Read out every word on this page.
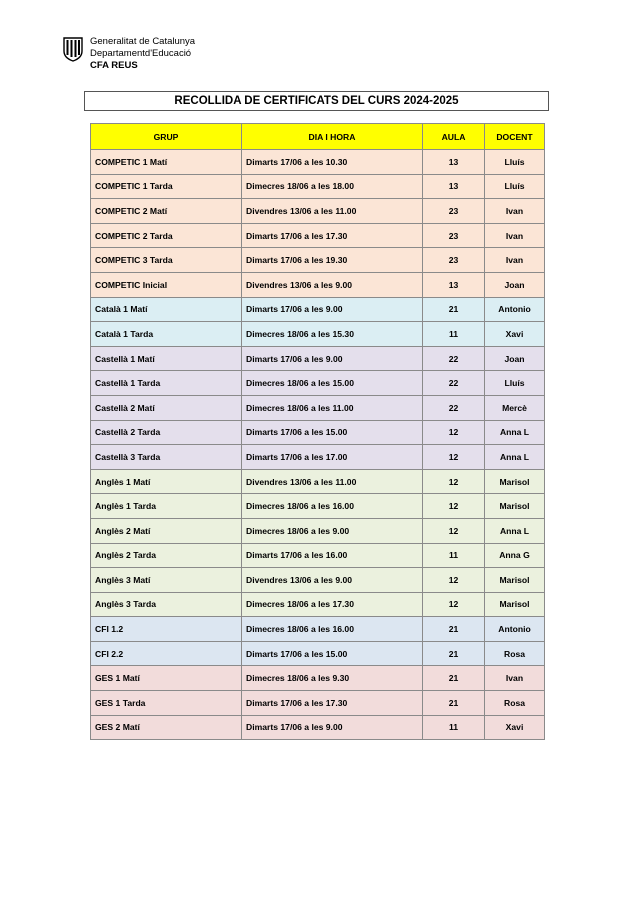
Generalitat de Catalunya
Departamentd'Educació
CFA REUS
RECOLLIDA DE CERTIFICATS DEL CURS 2024-2025
GRUP	DIA I HORA	AULA	DOCENT
COMPETIC 1 Matí	Dimarts 17/06 a les 10.30	13	Lluís
COMPETIC 1 Tarda	Dimecres 18/06 a les 18.00	13	Lluís
COMPETIC 2 Matí	Divendres 13/06 a les 11.00	23	Ivan
COMPETIC 2 Tarda	Dimarts 17/06 a les 17.30	23	Ivan
COMPETIC 3 Tarda	Dimarts 17/06 a les 19.30	23	Ivan
COMPETIC Inicial	Divendres 13/06 a les 9.00	13	Joan
Català 1 Matí	Dimarts 17/06 a les 9.00	21	Antonio
Català 1 Tarda	Dimecres 18/06 a les 15.30	11	Xavi
Castellà 1 Matí	Dimarts 17/06 a les 9.00	22	Joan
Castellà 1 Tarda	Dimecres 18/06 a les 15.00	22	Lluís
Castellà 2 Matí	Dimecres 18/06 a les 11.00	22	Mercè
Castellà 2 Tarda	Dimarts 17/06 a les 15.00	12	Anna L
Castellà 3 Tarda	Dimarts 17/06 a les 17.00	12	Anna L
Anglès 1 Matí	Divendres 13/06 a les 11.00	12	Marisol
Anglès 1 Tarda	Dimecres 18/06 a les 16.00	12	Marisol
Anglès 2 Matí	Dimecres 18/06 a les 9.00	12	Anna L
Anglès 2 Tarda	Dimarts 17/06 a les 16.00	11	Anna G
Anglès 3 Matí	Divendres 13/06 a les 9.00	12	Marisol
Anglès 3 Tarda	Dimecres 18/06 a les 17.30	12	Marisol
CFI 1.2	Dimecres 18/06 a les 16.00	21	Antonio
CFI 2.2	Dimarts 17/06 a les 15.00	21	Rosa
GES 1 Matí	Dimecres 18/06 a les 9.30	21	Ivan
GES 1 Tarda	Dimarts 17/06 a les 17.30	21	Rosa
GES 2 Matí	Dimarts 17/06 a les 9.00	11	Xavi
